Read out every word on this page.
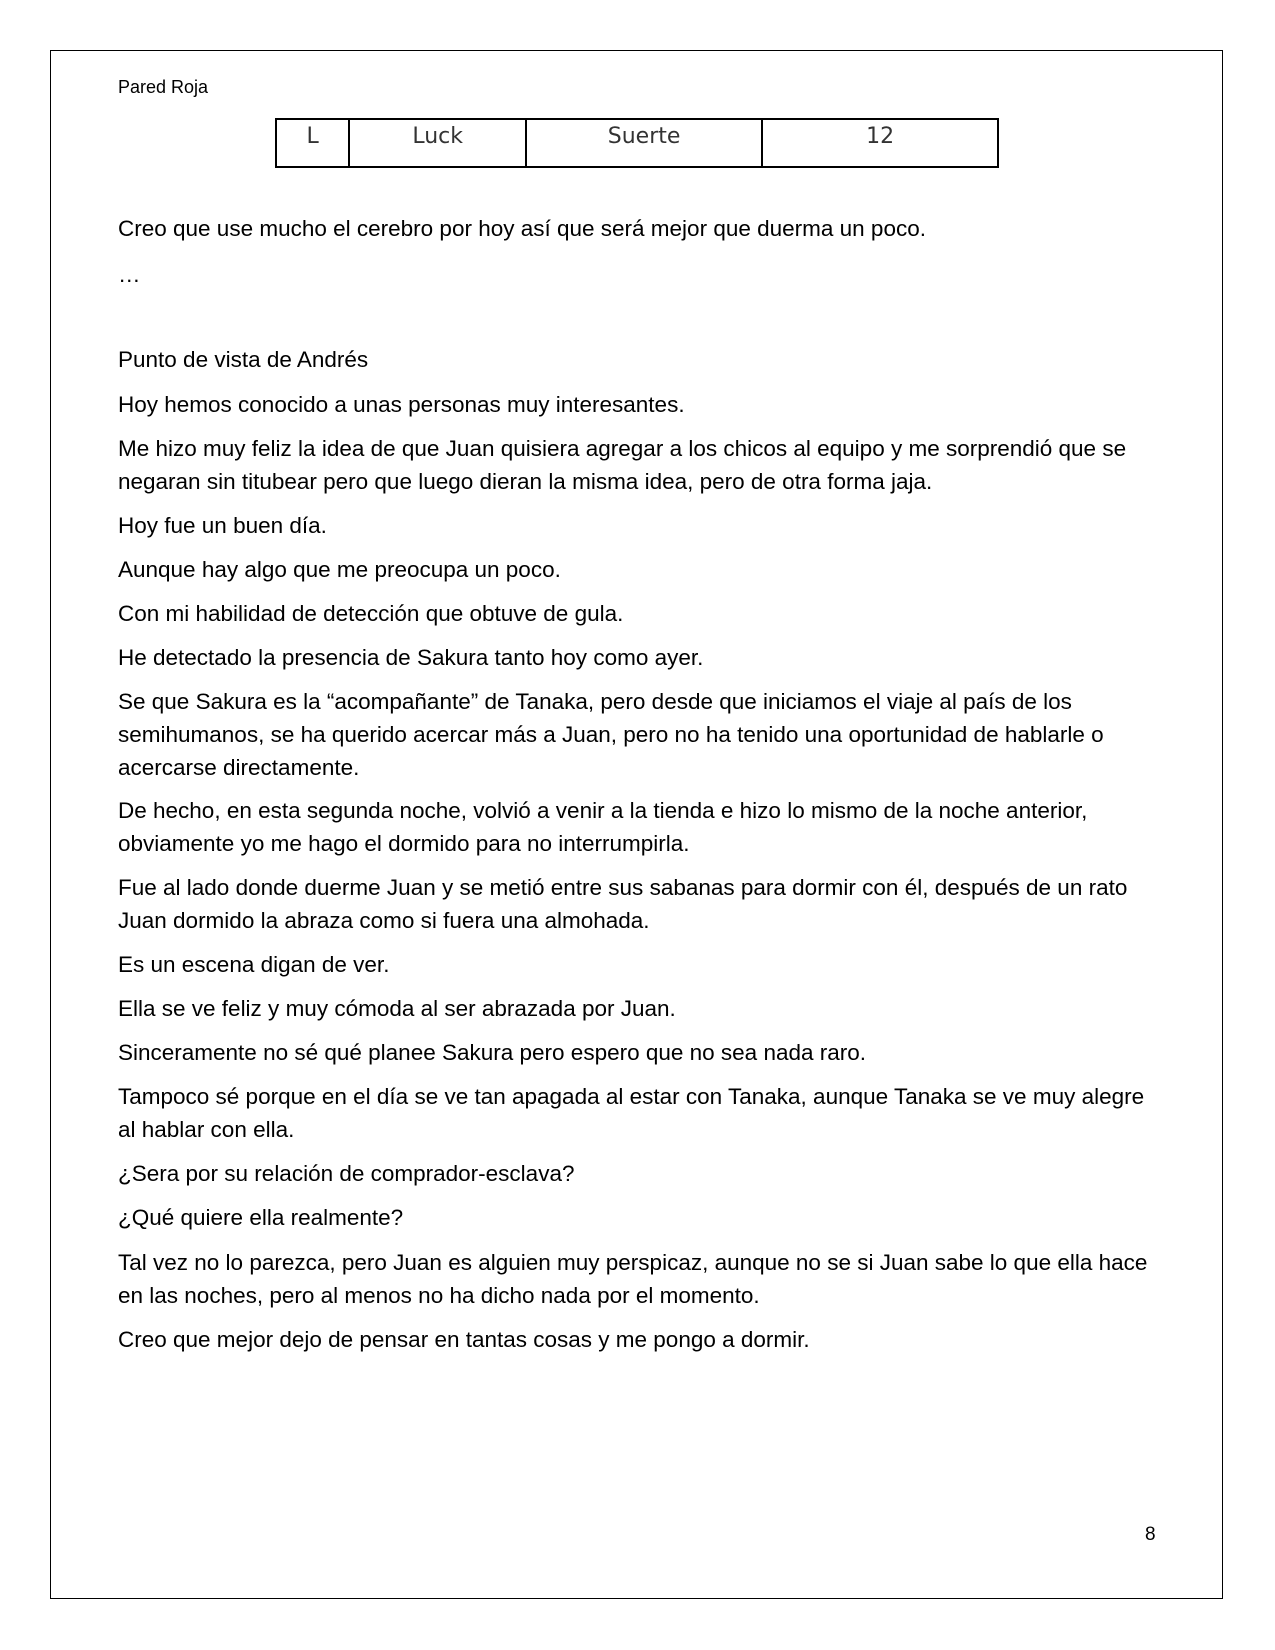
Pared Roja
L	Luck	Suerte	12

Creo que use mucho el cerebro por hoy así que será mejor que duerma un poco.

…

Punto de vista de Andrés

Hoy hemos conocido a unas personas muy interesantes.

Me hizo muy feliz la idea de que Juan quisiera agregar a los chicos al equipo y me sorprendió que se negaran sin titubear pero que luego dieran la misma idea, pero de otra forma jaja.

Hoy fue un buen día.

Aunque hay algo que me preocupa un poco.

Con mi habilidad de detección que obtuve de gula.

He detectado la presencia de Sakura tanto hoy como ayer.

Se que Sakura es la “acompañante” de Tanaka, pero desde que iniciamos el viaje al país de los semihumanos, se ha querido acercar más a Juan, pero no ha tenido una oportunidad de hablarle o acercarse directamente.

De hecho, en esta segunda noche, volvió a venir a la tienda e hizo lo mismo de la noche anterior, obviamente yo me hago el dormido para no interrumpirla.

Fue al lado donde duerme Juan y se metió entre sus sabanas para dormir con él, después de un rato Juan dormido la abraza como si fuera una almohada.

Es un escena digan de ver.

Ella se ve feliz y muy cómoda al ser abrazada por Juan.

Sinceramente no sé qué planee Sakura pero espero que no sea nada raro.

Tampoco sé porque en el día se ve tan apagada al estar con Tanaka, aunque Tanaka se ve muy alegre al hablar con ella.

¿Sera por su relación de comprador-esclava?

¿Qué quiere ella realmente?

Tal vez no lo parezca, pero Juan es alguien muy perspicaz, aunque no se si Juan sabe lo que ella hace en las noches, pero al menos no ha dicho nada por el momento.

Creo que mejor dejo de pensar en tantas cosas y me pongo a dormir.

8
